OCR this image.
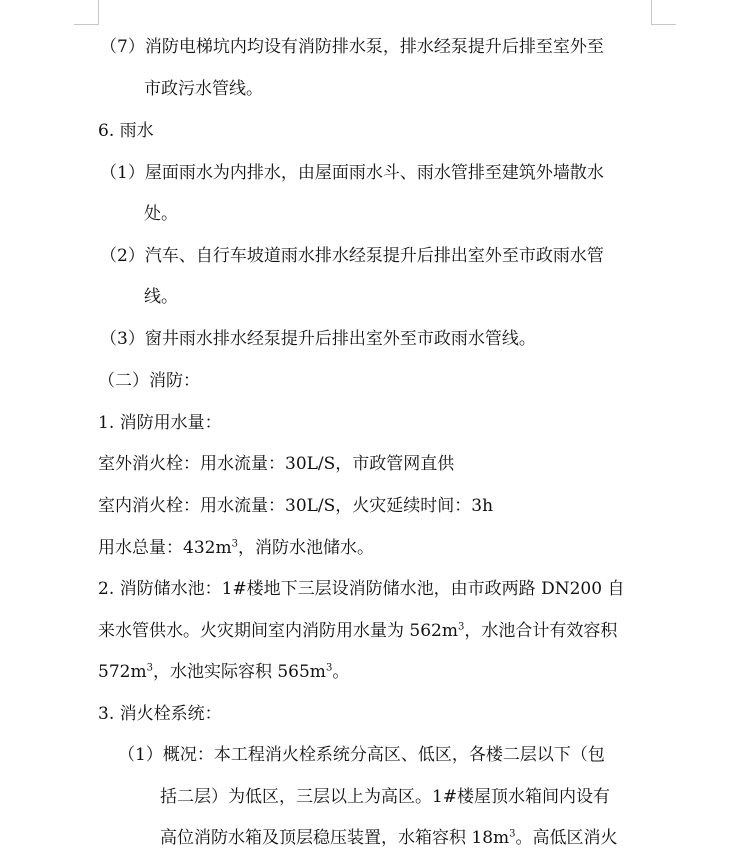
（7）消防电梯坑内均设有消防排水泵，排水经泵提升后排至室外至
市政污水管线。
6. 雨水
（1）屋面雨水为内排水，由屋面雨水斗、雨水管排至建筑外墙散水
处。
（2）汽车、自行车坡道雨水排水经泵提升后排出室外至市政雨水管
线。
（3）窗井雨水排水经泵提升后排出室外至市政雨水管线。
（二）消防：
1. 消防用水量：
室外消火栓：用水流量：30L/S，市政管网直供
室内消火栓：用水流量：30L/S，火灾延续时间：3h
用水总量：$432m^3$，消防水池储水。
2. 消防储水池：1#楼地下三层设消防储水池，由市政两路 DN200 自
来水管供水。火灾期间室内消防用水量为 $562m^3$，水池合计有效容积
$572m^3$，水池实际容积 $565m^3$。
3. 消火栓系统：
（1）概况：本工程消火栓系统分高区、低区，各楼二层以下（包
括二层）为低区，三层以上为高区。1#楼屋顶水箱间内设有
高位消防水箱及顶层稳压装置，水箱容积 $18m^3$。高低区消火
